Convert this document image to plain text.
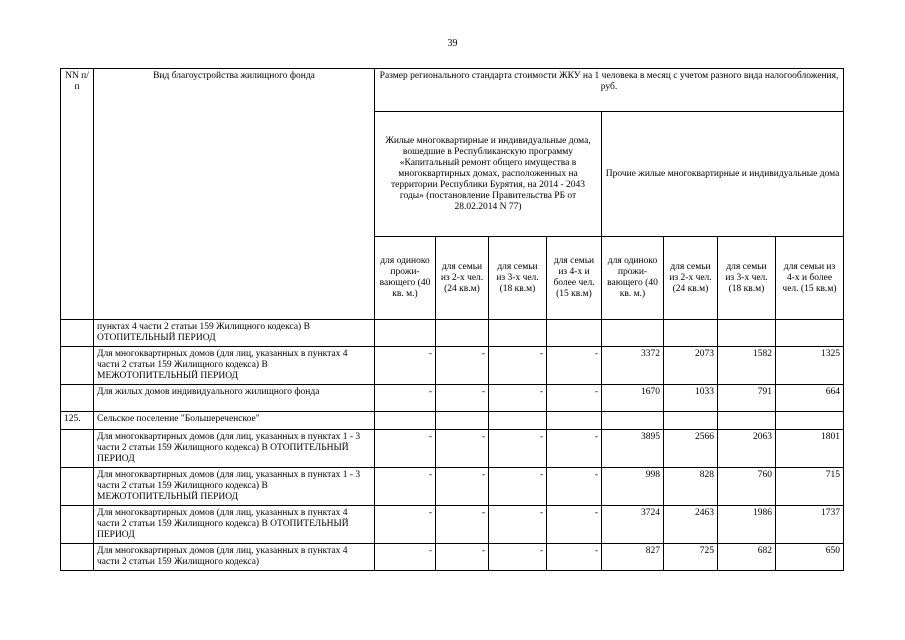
39
NN п/п	Вид благоустройства жилищного фонда	Размер регионального стандарта стоимости ЖКУ на 1 человека в месяц с учетом разного вида налогообложения, руб.							
		Жилые многоквартирные и индивидуальные дома, вошедшие в Республиканскую программу «Капитальный ремонт общего имущества в многоквартирных домах, расположенных на территории Республики Бурятия, на 2014 - 2043 годы» (постановление Правительства РБ от 28.02.2014 N 77)				Прочие жилые многоквартирные и индивидуальные дома			
		для одиноко прожи-вающего (40 кв. м.)	для семьи из 2-х чел. (24 кв.м)	для семьи из 3-х чел. (18 кв.м)	для семьи из 4-х и более чел. (15 кв.м)	для одиноко прожи-вающего (40 кв. м.)	для семьи из 2-х чел. (24 кв.м)	для семьи из 3-х чел. (18 кв.м)	для семьи из 4-х и более чел. (15 кв.м)
	пунктах 4 части 2 статьи 159 Жилищного кодекса) В ОТОПИТЕЛЬНЫЙ ПЕРИОД								
	Для многоквартирных домов (для лиц, указанных в пунктах 4 части 2 статьи 159 Жилищного кодекса) В МЕЖОТОПИТЕЛЬНЫЙ ПЕРИОД	-	-	-	-	3372	2073	1582	1325
	Для жилых домов индивидуального жилищного фонда	-	-	-	-	1670	1033	791	664
125.	Сельское поселение "Большереченское"								
	Для многоквартирных домов (для лиц, указанных в пунктах 1 - 3 части 2 статьи 159 Жилищного кодекса) В ОТОПИТЕЛЬНЫЙ ПЕРИОД	-	-	-	-	3895	2566	2063	1801
	Для многоквартирных домов (для лиц, указанных в пунктах 1 - 3 части 2 статьи 159 Жилищного кодекса) В МЕЖОТОПИТЕЛЬНЫЙ ПЕРИОД	-	-	-	-	998	828	760	715
	Для многоквартирных домов (для лиц, указанных в пунктах 4 части 2 статьи 159 Жилищного кодекса) В ОТОПИТЕЛЬНЫЙ ПЕРИОД	-	-	-	-	3724	2463	1986	1737
	Для многоквартирных домов (для лиц, указанных в пунктах 4 части 2 статьи 159 Жилищного кодекса)	-	-	-	-	827	725	682	650
